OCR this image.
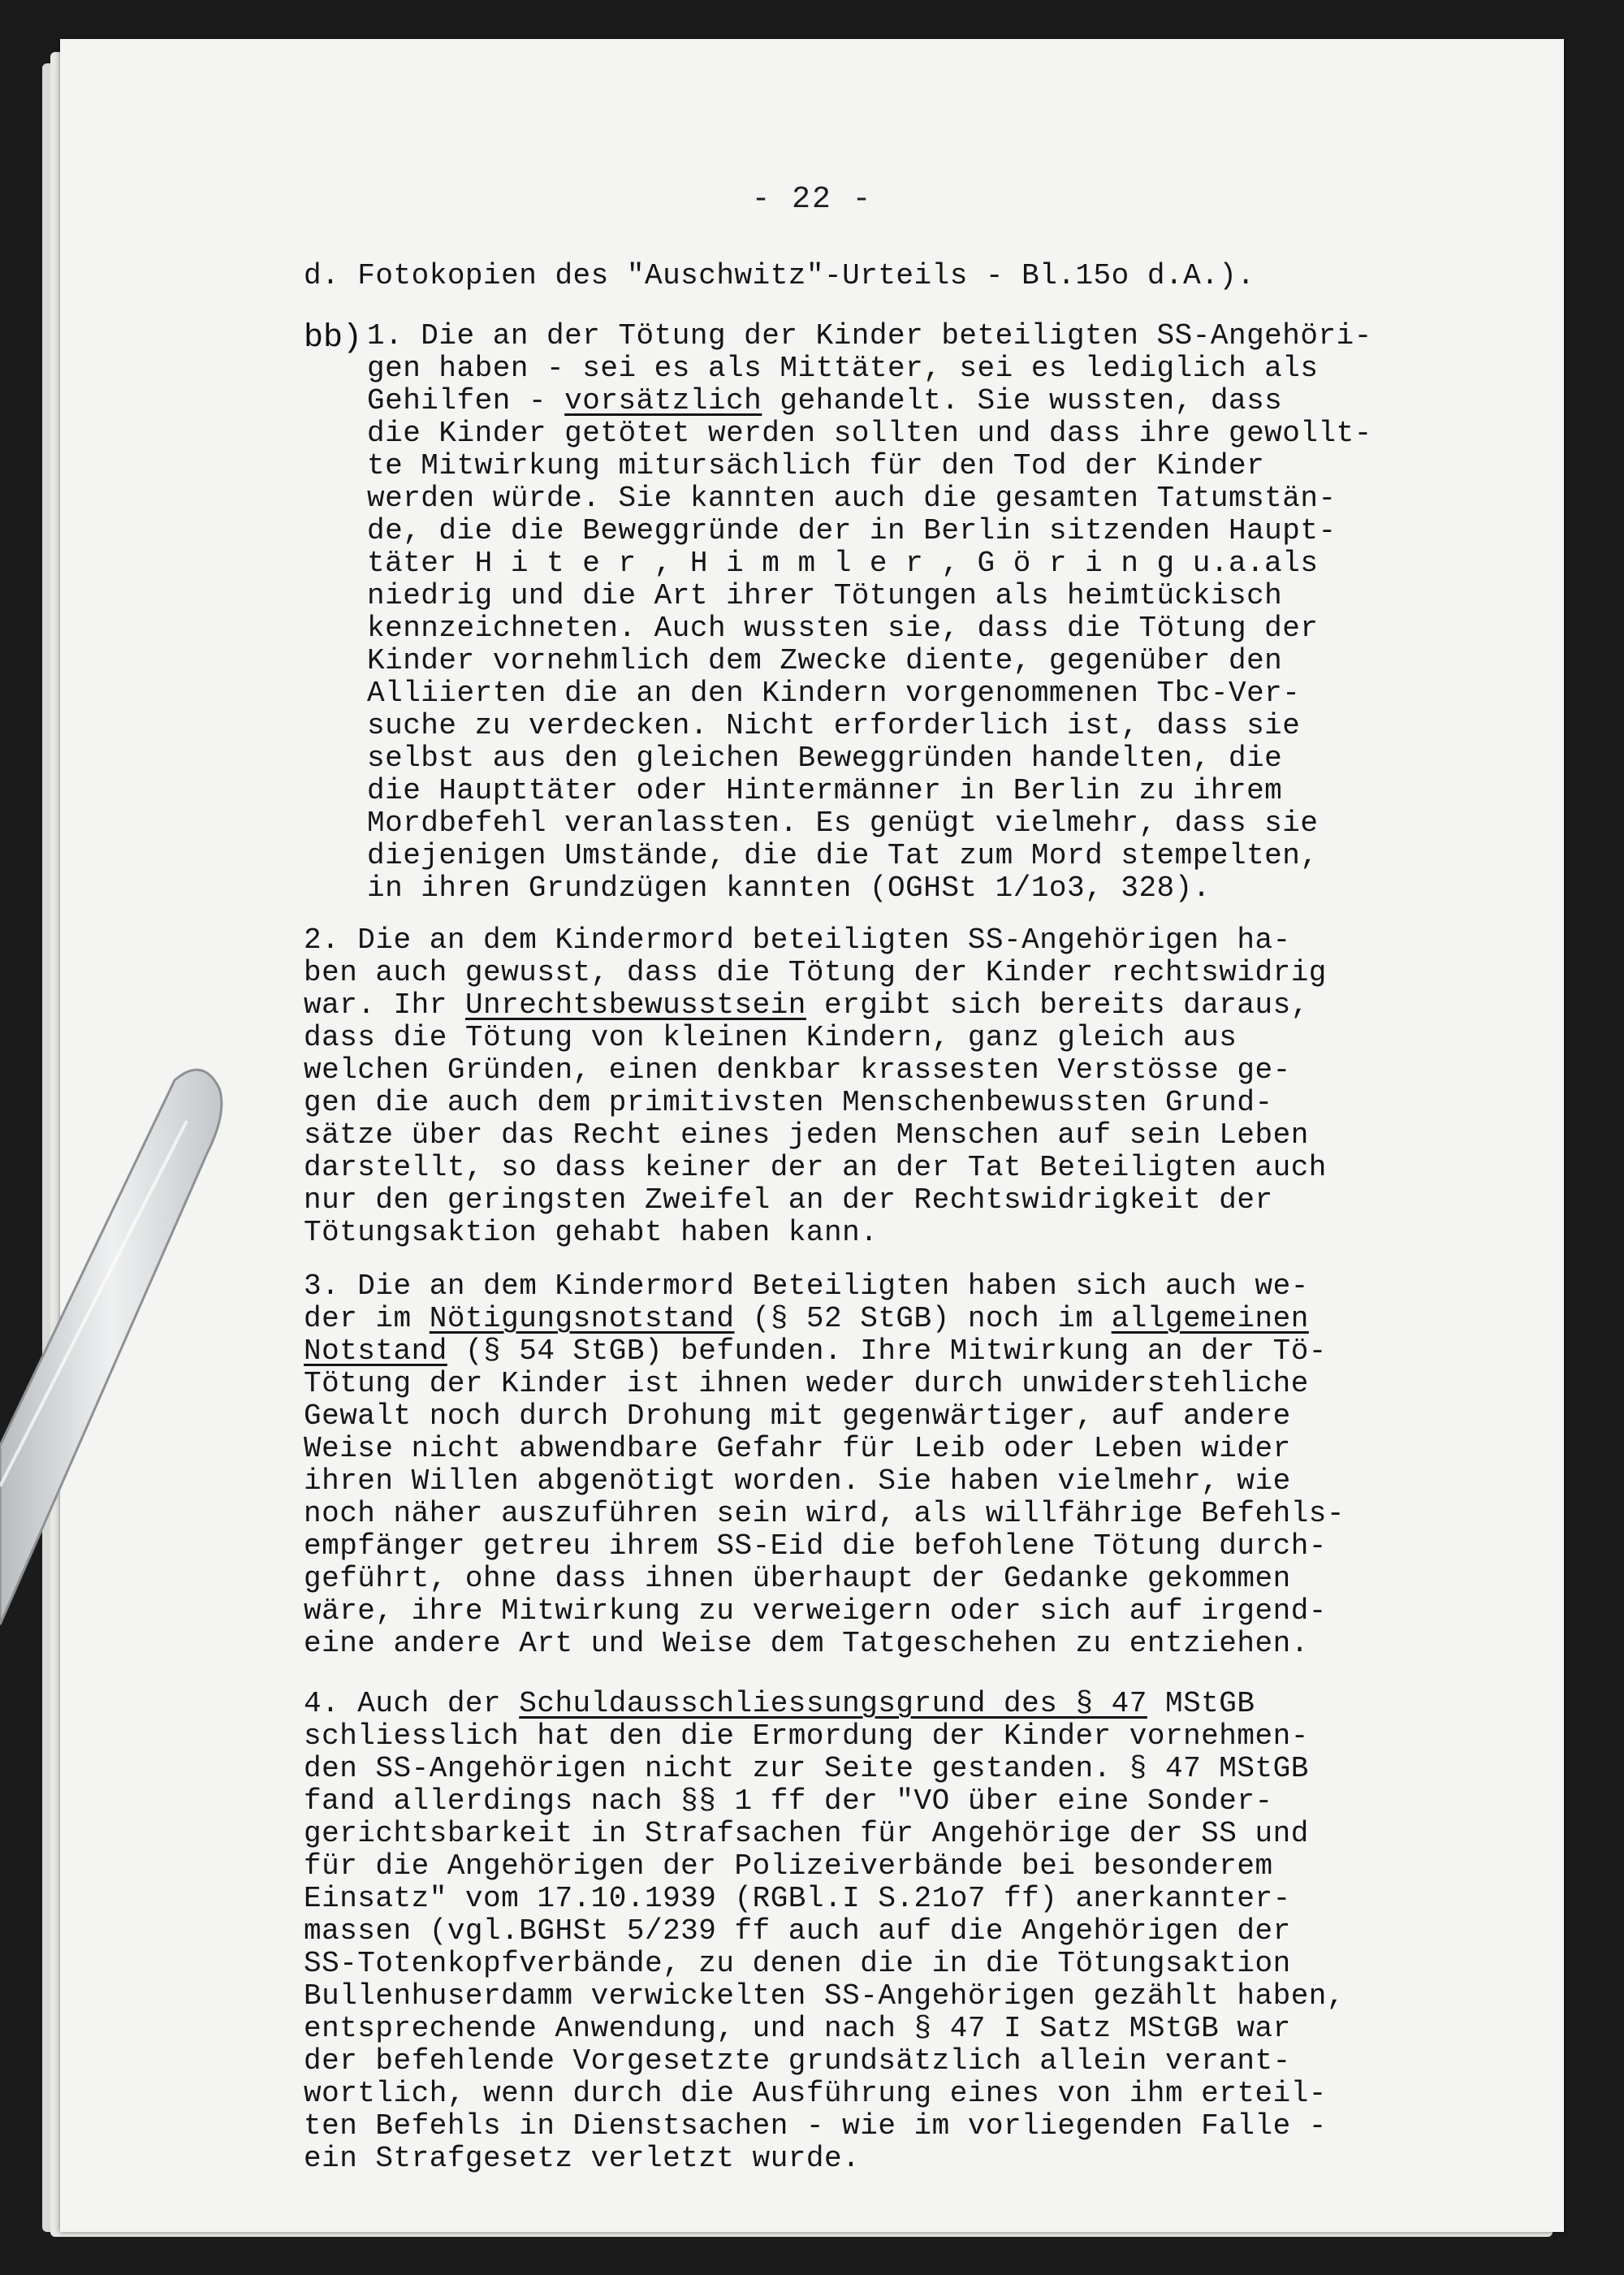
- 22 -
d. Fotokopien des "Auschwitz"-Urteils - Bl.15o d.A.).
bb) 1. Die an der Tötung der Kinder beteiligten SS-Angehöri-
gen haben - sei es als Mittäter, sei es lediglich als
Gehilfen - vorsätzlich gehandelt. Sie wussten, dass
die Kinder getötet werden sollten und dass ihre gewollt-
te Mitwirkung mitursächlich für den Tod der Kinder
werden würde. Sie kannten auch die gesamten Tatumstän-
de, die die Beweggründe der in Berlin sitzenden Haupt-
täter H i t e r , H i m m l e r , G ö r i n g u.a.als
niedrig und die Art ihrer Tötungen als heimtückisch
kennzeichneten. Auch wussten sie, dass die Tötung der
Kinder vornehmlich dem Zwecke diente, gegenüber den
Alliierten die an den Kindern vorgenommenen Tbc-Ver-
suche zu verdecken. Nicht erforderlich ist, dass sie
selbst aus den gleichen Beweggründen handelten, die
die Haupttäter oder Hintermänner in Berlin zu ihrem
Mordbefehl veranlassten. Es genügt vielmehr, dass sie
diejenigen Umstände, die die Tat zum Mord stempelten,
in ihren Grundzügen kannten (OGHSt 1/1o3, 328).
2. Die an dem Kindermord beteiligten SS-Angehörigen ha-
ben auch gewusst, dass die Tötung der Kinder rechtswidrig
war. Ihr Unrechtsbewusstsein ergibt sich bereits daraus,
dass die Tötung von kleinen Kindern, ganz gleich aus
welchen Gründen, einen denkbar krassesten Verstösse ge-
gen die auch dem primitivsten Menschenbewussten Grund-
sätze über das Recht eines jeden Menschen auf sein Leben
darstellt, so dass keiner der an der Tat Beteiligten auch
nur den geringsten Zweifel an der Rechtswidrigkeit der
Tötungsaktion gehabt haben kann.
3. Die an dem Kindermord Beteiligten haben sich auch we-
der im Nötigungsnotstand (§ 52 StGB) noch im allgemeinen
Notstand (§ 54 StGB) befunden. Ihre Mitwirkung an der Tö-
Tötung der Kinder ist ihnen weder durch unwiderstehliche
Gewalt noch durch Drohung mit gegenwärtiger, auf andere
Weise nicht abwendbare Gefahr für Leib oder Leben wider
ihren Willen abgenötigt worden. Sie haben vielmehr, wie
noch näher auszuführen sein wird, als willfährige Befehls-
empfänger getreu ihrem SS-Eid die befohlene Tötung durch-
geführt, ohne dass ihnen überhaupt der Gedanke gekommen
wäre, ihre Mitwirkung zu verweigern oder sich auf irgend-
eine andere Art und Weise dem Tatgeschehen zu entziehen.
4. Auch der Schuldausschliessungsgrund des § 47 MStGB
schliesslich hat den die Ermordung der Kinder vornehmen-
den SS-Angehörigen nicht zur Seite gestanden. § 47 MStGB
fand allerdings nach §§ 1 ff der "VO über eine Sonder-
gerichtsbarkeit in Strafsachen für Angehörige der SS und
für die Angehörigen der Polizeiverbände bei besonderem
Einsatz" vom 17.10.1939 (RGBl.I S.21o7 ff) anerkannter-
massen (vgl.BGHSt 5/239 ff auch auf die Angehörigen der
SS-Totenkopfverbände, zu denen die in die Tötungsaktion
Bullenhuserdamm verwickelten SS-Angehörigen gezählt haben,
entsprechende Anwendung, und nach § 47 I Satz MStGB war
der befehlende Vorgesetzte grundsätzlich allein verant-
wortlich, wenn durch die Ausführung eines von ihm erteil-
ten Befehls in Dienstsachen - wie im vorliegenden Falle -
ein Strafgesetz verletzt wurde.
